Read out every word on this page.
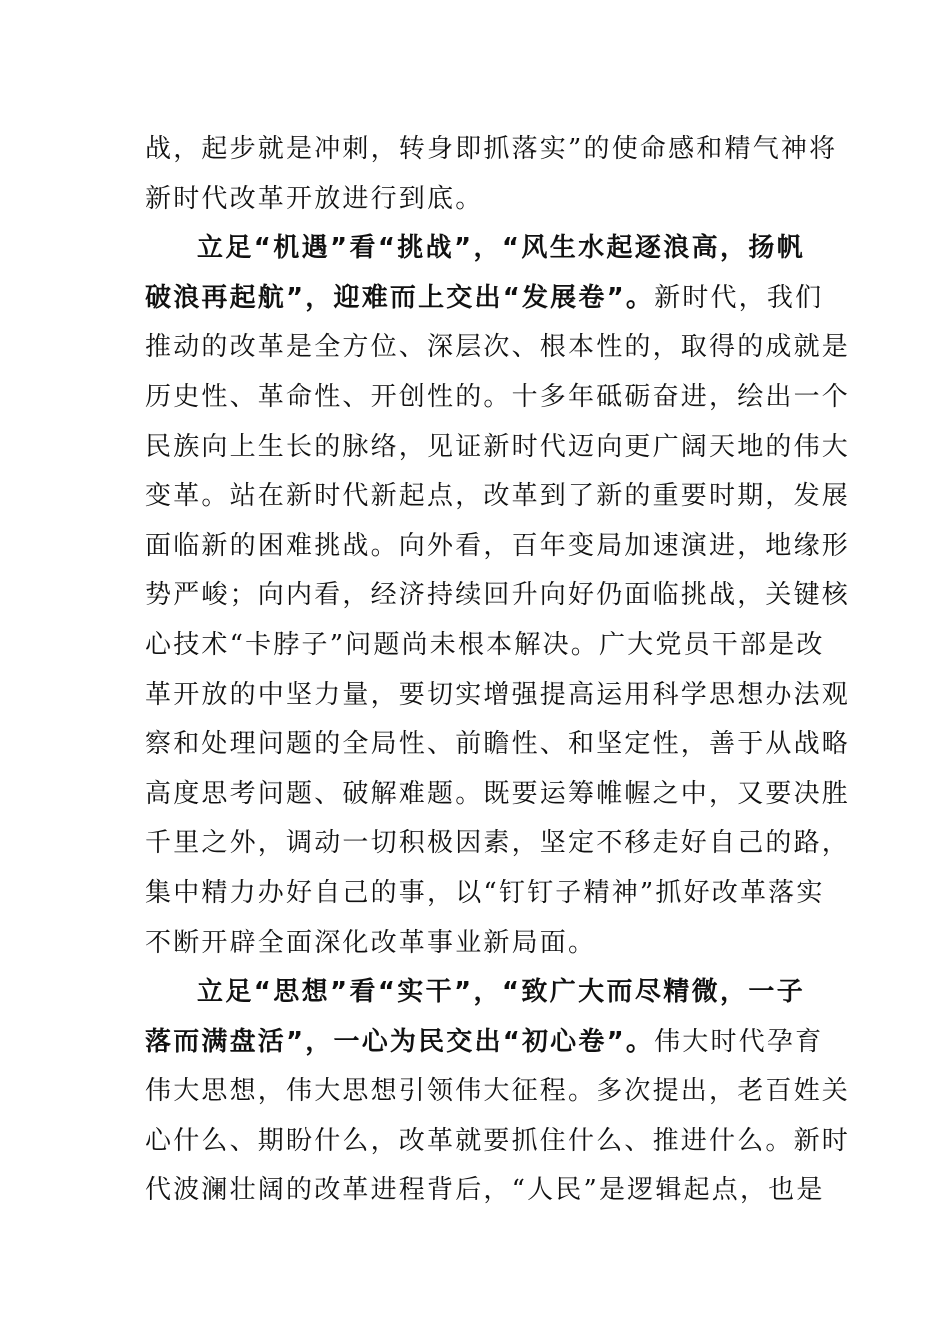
战，起步就是冲刺，转身即抓落实”的使命感和精气神将
新时代改革开放进行到底。
立足“机遇”看“挑战”，“风生水起逐浪高，扬帆
破浪再起航”，迎难而上交出“发展卷”。新时代，我们
推动的改革是全方位、深层次、根本性的，取得的成就是
历史性、革命性、开创性的。十多年砥砺奋进，绘出一个
民族向上生长的脉络，见证新时代迈向更广阔天地的伟大
变革。站在新时代新起点，改革到了新的重要时期，发展
面临新的困难挑战。向外看，百年变局加速演进，地缘形
势严峻；向内看，经济持续回升向好仍面临挑战，关键核
心技术“卡脖子”问题尚未根本解决。广大党员干部是改
革开放的中坚力量，要切实增强提高运用科学思想办法观
察和处理问题的全局性、前瞻性、和坚定性，善于从战略
高度思考问题、破解难题。既要运筹帷幄之中，又要决胜
千里之外，调动一切积极因素，坚定不移走好自己的路，
集中精力办好自己的事，以“钉钉子精神”抓好改革落实
不断开辟全面深化改革事业新局面。
立足“思想”看“实干”，“致广大而尽精微，一子
落而满盘活”，一心为民交出“初心卷”。伟大时代孕育
伟大思想，伟大思想引领伟大征程。多次提出，老百姓关
心什么、期盼什么，改革就要抓住什么、推进什么。新时
代波澜壮阔的改革进程背后，“人民”是逻辑起点，也是
